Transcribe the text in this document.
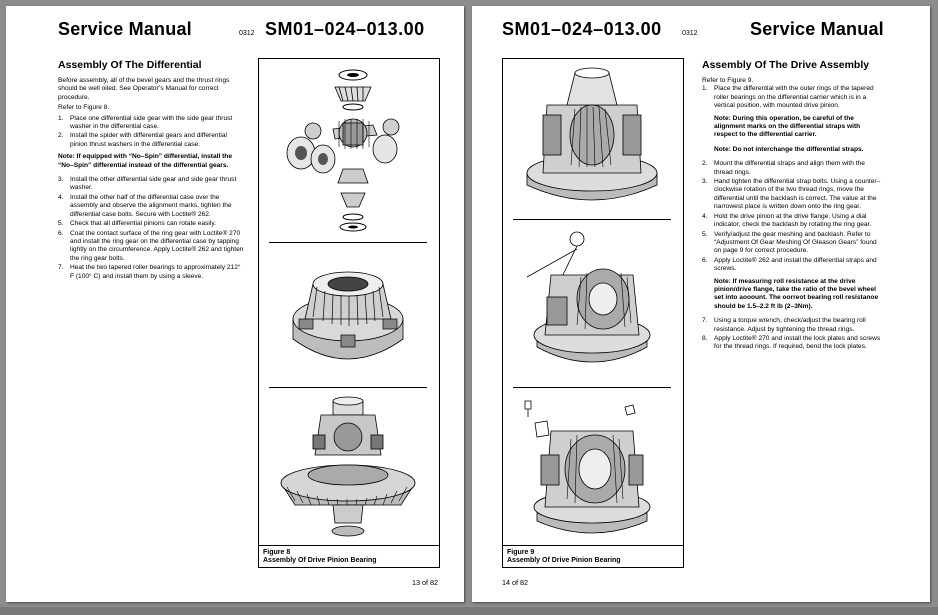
Service Manual	0312 SM01–024–013.00
Assembly Of The Differential

Before assembly, all of the bevel gears and the thrust rings should be well oiled. See Operator’s Manual for correct procedure.

Refer to Figure 8.

1. Place one differential side gear with the side gear thrust washer in the differential case.
2. Install the spider with differential gears and differential pinion thrust washers in the differential case.
Note: If equipped with “No–Spin” differential, install the “No–Spin” differential instead of the differential gears.
3. Install the other differential side gear and side gear thrust washer.
4. Install the other half of the differential case over the assembly and observe the alignment marks, tighten the differential case bolts. Secure with Loctite® 262.
5. Check that all differential pinions can rotate easily.
6. Coat the contact surface of the ring gear with Loctite® 270 and install the ring gear on the differential case by tapping lightly on the circumference. Apply Loctite® 262 and tighten the ring gear bolts.
7. Heat the two tapered roller bearings to approximately 212° F (100° C) and install them by using a sleeve.
Figure 8
Assembly Of Drive Pinion Bearing
13 of 82
SM01–024–013.00	0312	Service Manual
Assembly Of The Drive Assembly

Refer to Figure 9.

1. Place the differential with the outer rings of the tapered roller bearings on the differential carrier which is in a vertical position, with mounted drive pinion.
Note: During this operation, be careful of the alignment marks on the differential straps with respect to the differential carrier.
Note: Do not interchange the differential straps.
2. Mount the differential straps and align them with the thread rings.
3. Hand tighten the differential strap bolts. Using a counter–clockwise rotation of the two thread rings, move the differential until the backlash is correct. The value at the narrowest place is written down onto the ring gear.
4. Hold the drive pinion at the drive flange. Using a dial indicator, check the backlash by rotating the ring gear.
5. Verify/adjust the gear meshing and backlash. Refer to “Adjustment Of Gear Meshing Of Gleason Gears” found on page 9 for correct procedure.
6. Apply Loctite® 262 and install the differential straps and screws.
Note: If measuring roll resistance at the drive pinion/drive flange, take the ratio of the bevel wheel set into aooount. The oorreot bearing roll resistanoe should be 1.5–2.2 ft lb (2–3Nm).
7. Using a torque wrench, check/adjust the bearing roll resistance. Adjust by tightening the thread rings.
8. Apply Loctite® 270 and install the lock plates and screws for the thread rings. If required, bend the lock plates.
Figure 9
Assembly Of Drive Pinion Bearing
14 of 82
